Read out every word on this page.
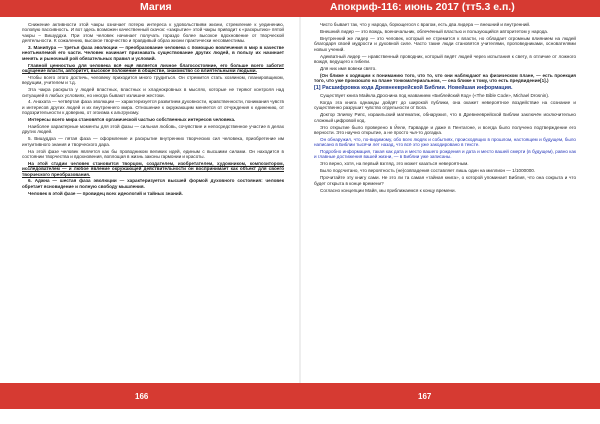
Магия	Апокриф-116: июнь 2017 (тт5.3 е.п.)

Снижение активности этой чакры означает потерю интереса к удовольствиям жизни, стремление к уединению, половую пассивность. И вот здесь возможен качественный скачок: «закрытие» этой чакры приводит к «раскрытию» пятой чакры – Вишуддхи. При этом человек начинает получать гораздо более высокое вдохновение от творческой деятельности. К сожалению, высокое творчество и правдивый образ жизни практически несовместимы.

3. Манипура — третья фаза эволюции — преобразование человека с помощью вовлечения в мир в качестве неотъемлемой его части. Человек начинает признавать существование других людей, в пользу их начинает менять и рыночный рой обязательных правил и условий.

Главной ценностью для человека всё ещё является личное благосостояние, его больше всего заботит ощущение власти, авторитет, высокое положение в обществе, знакомство со влиятельными людьми.

Чтобы всего этого достичь, человеку приходится много трудиться. Он стремится стать хозяином, планировщиком, ведущим, учителем и т.д.

Эта чакра раскрыта у людей властных, властных и хладнокровных в мыслях, которые не теряют контроля над ситуацией в любых условиях, но иногда бывают излишне жестоки.

4. Анахата — четвёртая фаза эволюции — характеризуется развитием духовности, нравственности, понимания чувств и интересов других людей и их внутреннего мира. Отношение к окружающим меняется от отчуждения к единению, от подозрительности к доверию, от эгоизма к альтруизму.

Интересы всего мира становятся органической частью собственных интересов человека.

Наиболее характерные моменты для этой фазы — сильная любовь, сочувствие и непосредственное участие в делах других людей.

5. Вишуддха — пятая фаза — оформление и раскрытие внутренних творческих сил человека, приобретение им интуитивного знания и творческого дара.

На этой фазе человек является как бы проводником великих идей, единым с высшими силами. Он находится в состоянии творчества и вдохновения, воплощая в жизнь законы гармонии и красоты.

На этой стадии человек становится творцом, создателем, изобретателем, художником, композитором, исследователем — и любое явление окружающей действительности он воспринимает как объект для своего творческого преобразования.

6. Аджна — шестая фаза эволюции — характеризуется высшей формой духовного состояния: человек обретает ясновидение и полную свободу мышления.

Человек в этой фазе — провидец всех идеологий и тайных знаний.

Чисто бывает так, что у народа, борющегося с врагом, есть два лидера — внешний и внутренний.

Внешний лидер — это вождь, военачальник, облечённый властью и пользующийся авторитетом у народа.

Внутренний же лидер — это человек, который не стремится к власти, но обладает огромным влиянием на людей благодаря своей мудрости и духовной силе. Часто такие люди становятся учителями, проповедниками, основателями новых учений.

Адекватный лидер — нравственный проводник, который ведёт людей через испытания к свету, в отличие от ложного вождя, ведущего к гибели.

Для них имя вовеки свято.

(Он ближе к ходящим к пониманию того, что то, что они наблюдают на физическом плане, — есть проекция того, что уже произошло на плане тонкоматериальном, — она ближе к тому, что есть предвидение[1].)

[1] Расшифровка кода Древнееврейской Библии. Новейшая информация.

Существует книга Майкла Дроснина под названием «Библейский Код» («The Bible Code», Michael Drosnin).

Когда эта книга однажды дойдёт до широкой публики, она окажет невероятное воздействие на сознание и существенно разрушит чувство отдельности от Бога.

Доктор Элияху Рипс, израильский математик, обнаружил, что в Древнееврейской Библии заключён исключительно сложный цифровой код.

Это открытие было проверено в Йеле, Гарварде и даже в Пентагоне, и всегда было получено подтверждение его верности. Это научно открытие, а не просто чья-то догадка.

Он обнаружил, что, по-видимому, обо всех людях и событиях, происходящих в прошлом, настоящем и будущем, было написано в Библии тысячи лет назад, что всё это уже закодировано в тексте.

Подробно информация, такая как дата и место вашего рождения и дата и место вашей смерти (в будущем), равно как и главные достижения вашей жизни, — в Библии уже записаны.

Это верно, хотя, на первый взгляд, это может казаться невероятным.

Было подсчитано, что вероятность (не)совпадения составляет лишь один на миллион — 1/1000000.

Прочитайте эту книгу сами. Не это ли та самая «тайная книга», о которой упоминает Библия, что она сокрыта и что будет открыта в конце времени?

Согласно концепции Майя, мы приближаемся к концу времени.

166	167
